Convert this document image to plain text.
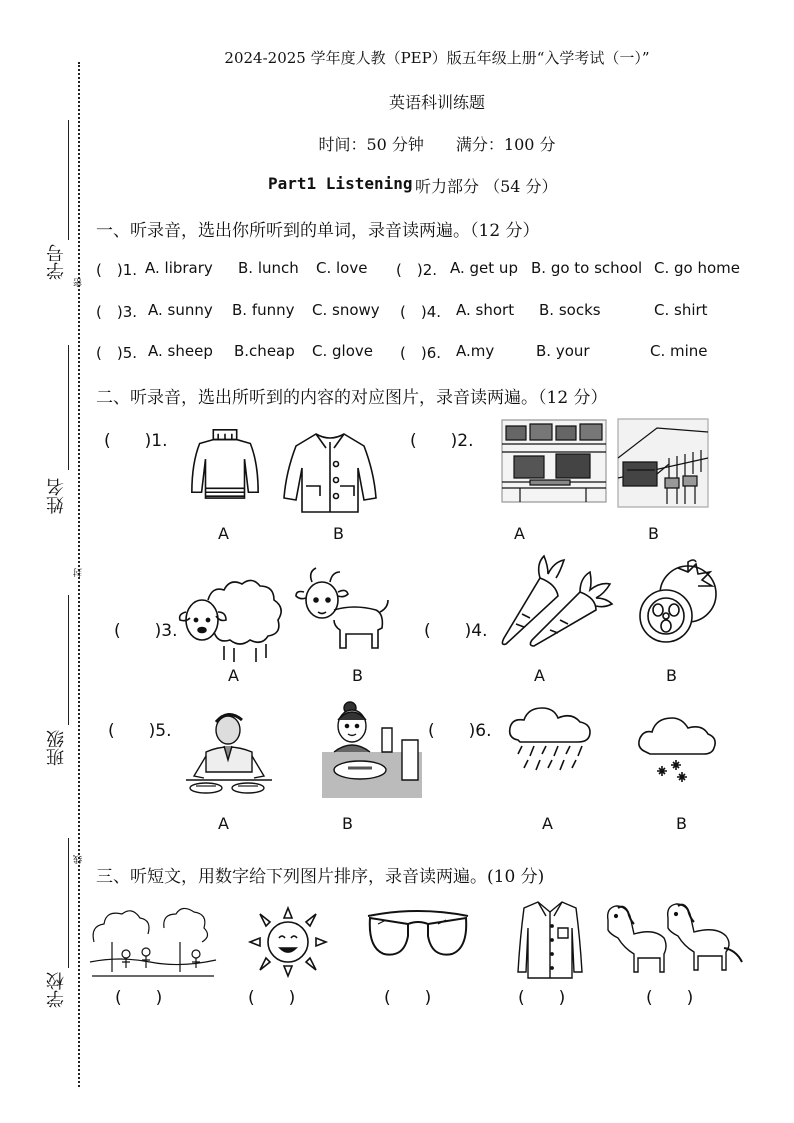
学号
密
姓名
封
班级
线
学校
2024-2025 学年度人教（PEP）版五年级上册“入学考试（一）”
英语科训练题
时间：50 分钟　　满分：100 分
Part1 Listening 听力部分 （54 分）
一、听录音，选出你所听到的单词，录音读两遍。（12 分）
(　)1. A. library B. lunch C. love (　)2. A. get up B. go to school C. go home
(　)3. A. sunny B. funny C. snowy (　)4. A. short B. socks	C. shirt
(　)5. A. sheep B.cheap C. glove (　)6. A.my	B. your	C. mine
二、听录音，选出所听到的内容的对应图片，录音读两遍。（12 分）
(　　)1.
A	B
(　　)2.
A	B
(　　)3.
A	B
(　　)4.
A	B
(　　)5.
A	B
(　　)6.
A	B
三、听短文，用数字给下列图片排序，录音读两遍。(10 分)
(　　)	(　　)	(　　)	(　　)	(　　)
